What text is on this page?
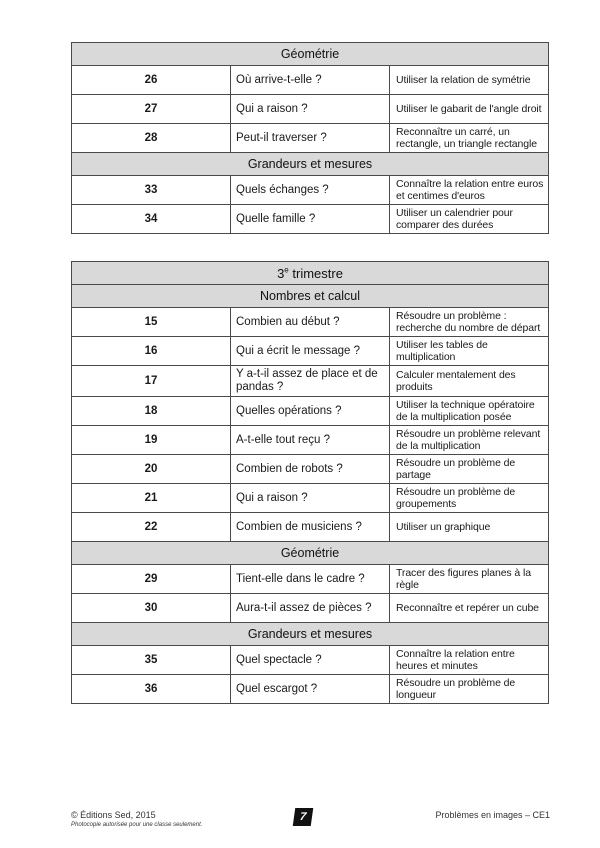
Géométrie		
26	Où arrive-t-elle ?	Utiliser la relation de symétrie
27	Qui a raison ?	Utiliser le gabarit de l'angle droit
28	Peut-il traverser ?	Reconnaître un carré, un rectangle, un triangle rectangle
Grandeurs et mesures		
33	Quels échanges ?	Connaître la relation entre euros et centimes d'euros
34	Quelle famille ?	Utiliser un calendrier pour comparer des durées
3e trimestre		
Nombres et calcul		
15	Combien au début ?	Résoudre un problème : recherche du nombre de départ
16	Qui a écrit le message ?	Utiliser les tables de multiplication
17	Y a-t-il assez de place et de pandas ?	Calculer mentalement des produits
18	Quelles opérations ?	Utiliser la technique opératoire de la multiplication posée
19	A-t-elle tout reçu ?	Résoudre un problème relevant de la multiplication
20	Combien de robots ?	Résoudre un problème de partage
21	Qui a raison ?	Résoudre un problème de groupements
22	Combien de musiciens ?	Utiliser un graphique
Géométrie		
29	Tient-elle dans le cadre ?	Tracer des figures planes à la règle
30	Aura-t-il assez de pièces ?	Reconnaître et repérer un cube
Grandeurs et mesures		
35	Quel spectacle ?	Connaître la relation entre heures et minutes
36	Quel escargot ?	Résoudre un problème de longueur
© Éditions Sed, 2015
Photocopie autorisée pour une classe seulement.
7	Problèmes en images – CE1
